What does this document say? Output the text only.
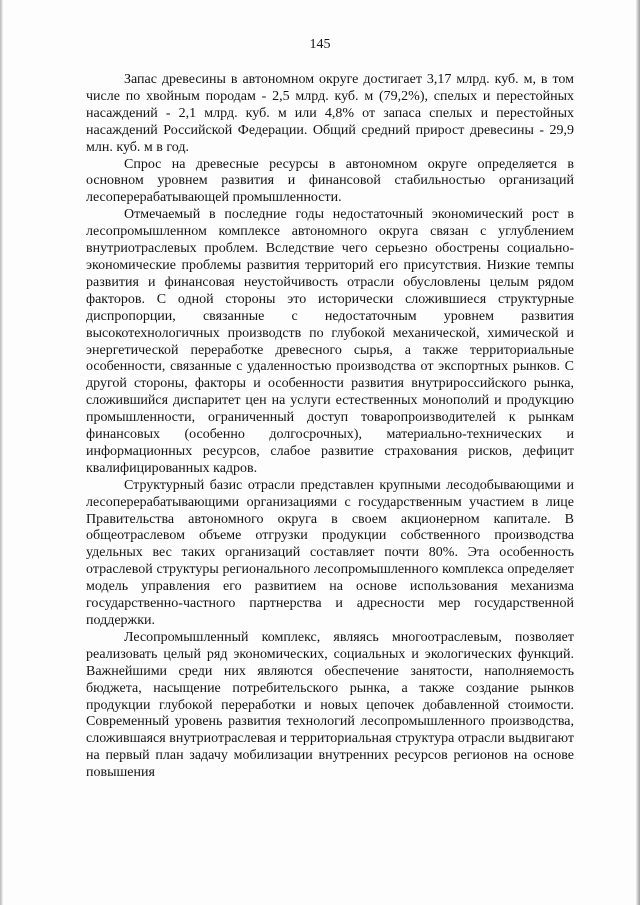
145

Запас древесины в автономном округе достигает 3,17 млрд. куб. м, в том числе по хвойным породам - 2,5 млрд. куб. м (79,2%), спелых и перестойных насаждений - 2,1 млрд. куб. м или 4,8% от запаса спелых и перестойных насаждений Российской Федерации. Общий средний прирост древесины - 29,9 млн. куб. м в год.

Спрос на древесные ресурсы в автономном округе определяется в основном уровнем развития и финансовой стабильностью организаций лесоперерабатывающей промышленности.

Отмечаемый в последние годы недостаточный экономический рост в лесопромышленном комплексе автономного округа связан с углублением внутриотраслевых проблем. Вследствие чего серьезно обострены социально-экономические проблемы развития территорий его присутствия. Низкие темпы развития и финансовая неустойчивость отрасли обусловлены целым рядом факторов. С одной стороны это исторически сложившиеся структурные диспропорции, связанные с недостаточным уровнем развития высокотехнологичных производств по глубокой механической, химической и энергетической переработке древесного сырья, а также территориальные особенности, связанные с удаленностью производства от экспортных рынков. С другой стороны, факторы и особенности развития внутрироссийского рынка, сложившийся диспаритет цен на услуги естественных монополий и продукцию промышленности, ограниченный доступ товаропроизводителей к рынкам финансовых (особенно долгосрочных), материально-технических и информационных ресурсов, слабое развитие страхования рисков, дефицит квалифицированных кадров.

Структурный базис отрасли представлен крупными лесодобывающими и лесоперерабатывающими организациями с государственным участием в лице Правительства автономного округа в своем акционерном капитале. В общеотраслевом объеме отгрузки продукции собственного производства удельных вес таких организаций составляет почти 80%. Эта особенность отраслевой структуры регионального лесопромышленного комплекса определяет модель управления его развитием на основе использования механизма государственно-частного партнерства и адресности мер государственной поддержки.

Лесопромышленный комплекс, являясь многоотраслевым, позволяет реализовать целый ряд экономических, социальных и экологических функций. Важнейшими среди них являются обеспечение занятости, наполняемость бюджета, насыщение потребительского рынка, а также создание рынков продукции глубокой переработки и новых цепочек добавленной стоимости. Современный уровень развития технологий лесопромышленного производства, сложившаяся внутриотраслевая и территориальная структура отрасли выдвигают на первый план задачу мобилизации внутренних ресурсов регионов на основе повышения
